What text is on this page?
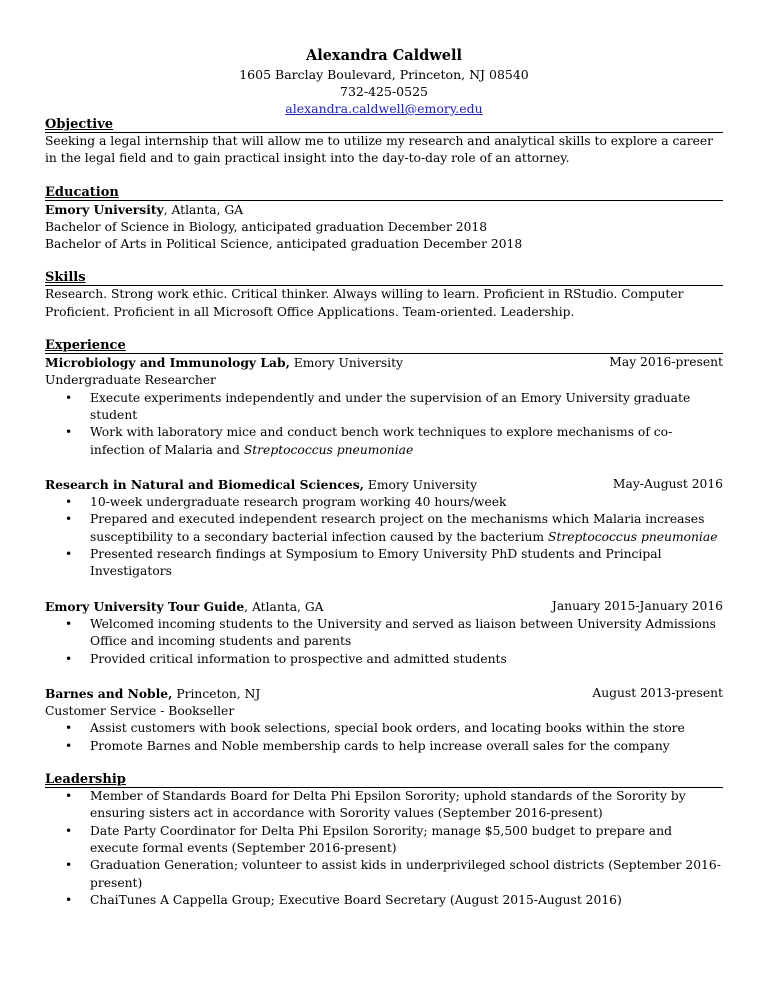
Alexandra Caldwell
1605 Barclay Boulevard, Princeton, NJ 08540
732-425-0525
alexandra.caldwell@emory.edu
Objective
Seeking a legal internship that will allow me to utilize my research and analytical skills to explore a career in the legal field and to gain practical insight into the day-to-day role of an attorney.
Education
Emory University, Atlanta, GA
Bachelor of Science in Biology, anticipated graduation December 2018
Bachelor of Arts in Political Science, anticipated graduation December 2018
Skills
Research. Strong work ethic. Critical thinker. Always willing to learn. Proficient in RStudio. Computer Proficient. Proficient in all Microsoft Office Applications. Team-oriented. Leadership.
Experience
Microbiology and Immunology Lab, Emory University	May 2016-present
Undergraduate Researcher
• Execute experiments independently and under the supervision of an Emory University graduate student
• Work with laboratory mice and conduct bench work techniques to explore mechanisms of co-infection of Malaria and Streptococcus pneumoniae
Research in Natural and Biomedical Sciences, Emory University	May-August 2016
• 10-week undergraduate research program working 40 hours/week
• Prepared and executed independent research project on the mechanisms which Malaria increases susceptibility to a secondary bacterial infection caused by the bacterium Streptococcus pneumoniae
• Presented research findings at Symposium to Emory University PhD students and Principal Investigators
Emory University Tour Guide, Atlanta, GA	January 2015-January 2016
• Welcomed incoming students to the University and served as liaison between University Admissions Office and incoming students and parents
• Provided critical information to prospective and admitted students
Barnes and Noble, Princeton, NJ	August 2013-present
Customer Service - Bookseller
• Assist customers with book selections, special book orders, and locating books within the store
• Promote Barnes and Noble membership cards to help increase overall sales for the company
Leadership
• Member of Standards Board for Delta Phi Epsilon Sorority; uphold standards of the Sorority by ensuring sisters act in accordance with Sorority values (September 2016-present)
• Date Party Coordinator for Delta Phi Epsilon Sorority; manage $5,500 budget to prepare and execute formal events (September 2016-present)
• Graduation Generation; volunteer to assist kids in underprivileged school districts (September 2016-present)
• ChaiTunes A Cappella Group; Executive Board Secretary (August 2015-August 2016)
